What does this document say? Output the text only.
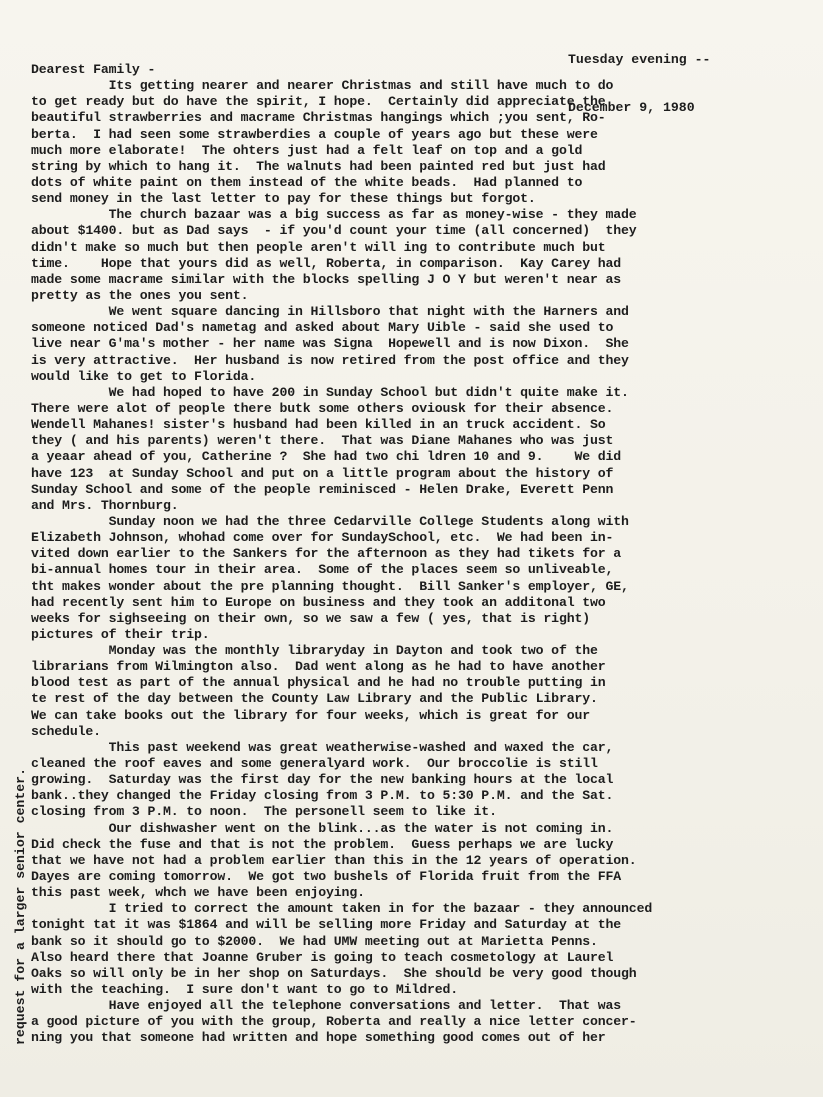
Tuesday evening --

December 9, 1980

Dearest Family -
Its getting nearer and nearer Christmas and still have much to do
to get ready but do have the spirit, I hope.  Certainly did appreciate the
beautiful strawberries and macrame Christmas hangings which ;you sent, Ro-
berta.  I had seen some strawberdies a couple of years ago but these were
much more elaborate!  The ohters just had a felt leaf on top and a gold
string by which to hang it.  The walnuts had been painted red but just had
dots of white paint on them instead of the white beads.  Had planned to
send money in the last letter to pay for these things but forgot.
The church bazaar was a big success as far as money-wise - they made
about $1400. but as Dad says  - if you'd count your time (all concerned)  they
didn't make so much but then people aren't will ing to contribute much but
time.    Hope that yours did as well, Roberta, in comparison.  Kay Carey had
made some macrame similar with the blocks spelling J O Y but weren't near as
pretty as the ones you sent.
We went square dancing in Hillsboro that night with the Harners and
someone noticed Dad's nametag and asked about Mary Uible - said she used to
live near G'ma's mother - her name was Signa  Hopewell and is now Dixon.  She
is very attractive.  Her husband is now retired from the post office and they
would like to get to Florida.
We had hoped to have 200 in Sunday School but didn't quite make it.
There were alot of people there butk some others oviousk for their absence.
Wendell Mahanes! sister's husband had been killed in an truck accident. So
they ( and his parents) weren't there.  That was Diane Mahanes who was just
a yeaar ahead of you, Catherine ?  She had two chi ldren 10 and 9.    We did
have 123  at Sunday School and put on a little program about the history of
Sunday School and some of the people reminisced - Helen Drake, Everett Penn
and Mrs. Thornburg.
Sunday noon we had the three Cedarville College Students along with
Elizabeth Johnson, whohad come over for SundaySchool, etc.  We had been in-
vited down earlier to the Sankers for the afternoon as they had tikets for a
bi-annual homes tour in their area.  Some of the places seem so unliveable,
tht makes wonder about the pre planning thought.  Bill Sanker's employer, GE,
had recently sent him to Europe on business and they took an additonal two
weeks for sighseeing on their own, so we saw a few ( yes, that is right)
pictures of their trip.
Monday was the monthly libraryday in Dayton and took two of the
librarians from Wilmington also.  Dad went along as he had to have another
blood test as part of the annual physical and he had no trouble putting in
te rest of the day between the County Law Library and the Public Library.
We can take books out the library for four weeks, which is great for our
schedule.
This past weekend was great weatherwise-washed and waxed the car,
cleaned the roof eaves and some generalyard work.  Our broccolie is still
growing.  Saturday was the first day for the new banking hours at the local
bank..they changed the Friday closing from 3 P.M. to 5:30 P.M. and the Sat.
closing from 3 P.M. to noon.  The personell seem to like it.
Our dishwasher went on the blink...as the water is not coming in.
Did check the fuse and that is not the problem.  Guess perhaps we are lucky
that we have not had a problem earlier than this in the 12 years of operation.
Dayes are coming tomorrow.  We got two bushels of Florida fruit from the FFA
this past week, whch we have been enjoying.
I tried to correct the amount taken in for the bazaar - they announced
tonight tat it was $1864 and will be selling more Friday and Saturday at the
bank so it should go to $2000.  We had UMW meeting out at Marietta Penns.
Also heard there that Joanne Gruber is going to teach cosmetology at Laurel
Oaks so will only be in her shop on Saturdays.  She should be very good though
with the teaching.  I sure don't want to go to Mildred.
Have enjoyed all the telephone conversations and letter.  That was
a good picture of you with the group, Roberta and really a nice letter concer-
ning you that someone had written and hope something good comes out of her
request for a larger senior center.
